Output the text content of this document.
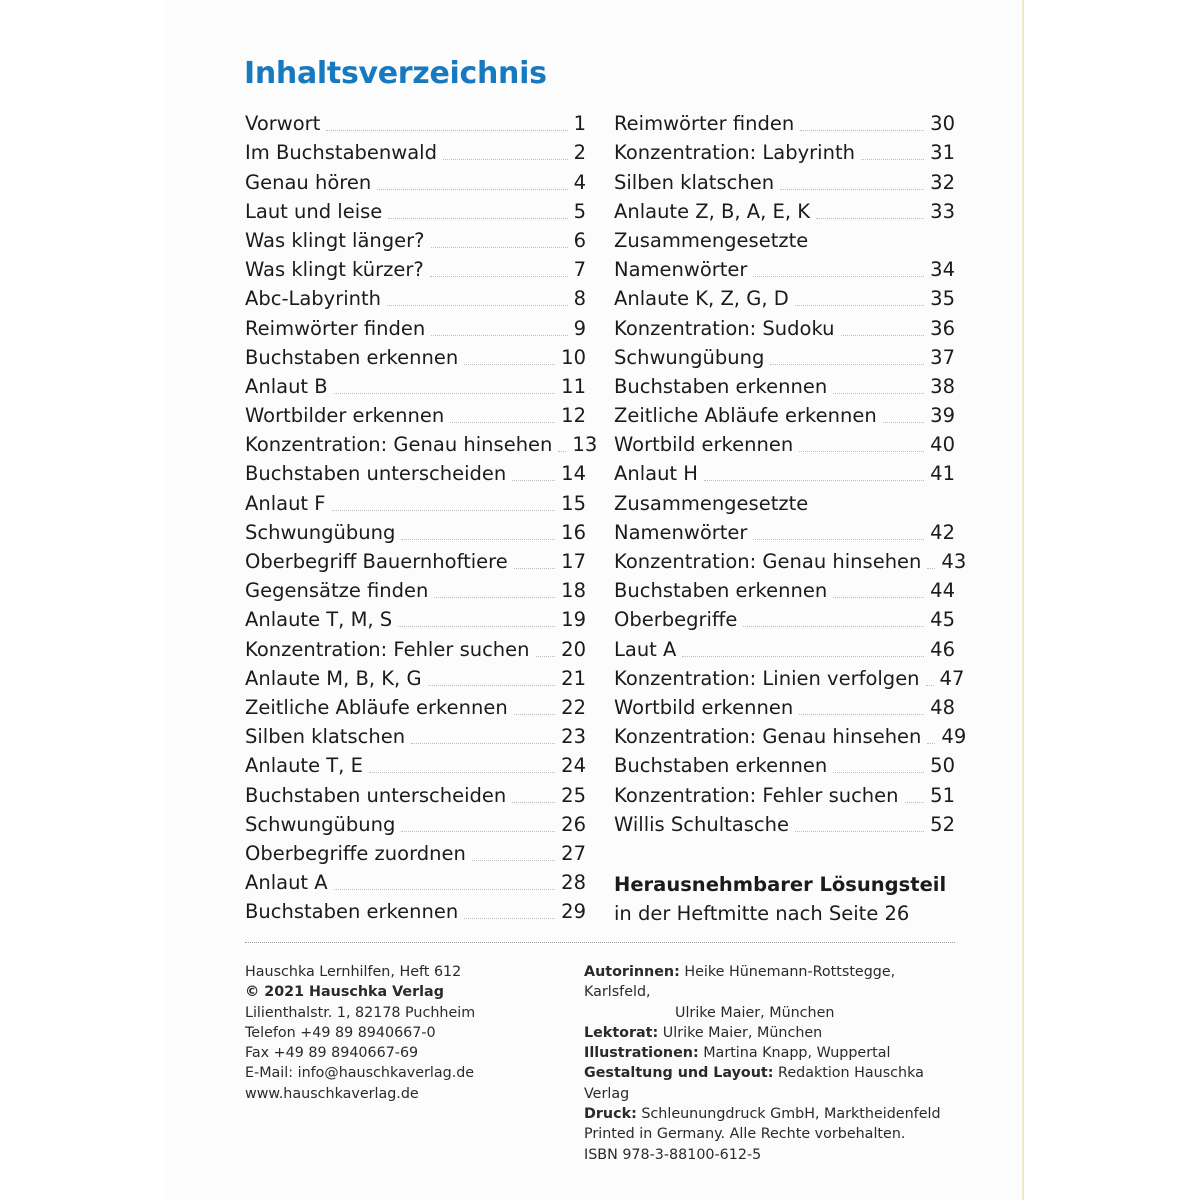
Inhaltsverzeichnis
Vorwort	1
Im Buchstabenwald	2
Genau hören	4
Laut und leise	5
Was klingt länger?	6
Was klingt kürzer?	7
Abc-Labyrinth	8
Reimwörter finden	9
Buchstaben erkennen	10
Anlaut B	11
Wortbilder erkennen	12
Konzentration: Genau hinsehen	13
Buchstaben unterscheiden	14
Anlaut F	15
Schwungübung	16
Oberbegriff Bauernhoftiere	17
Gegensätze finden	18
Anlaute T, M, S	19
Konzentration: Fehler suchen	20
Anlaute M, B, K, G	21
Zeitliche Abläufe erkennen	22
Silben klatschen	23
Anlaute T, E	24
Buchstaben unterscheiden	25
Schwungübung	26
Oberbegriffe zuordnen	27
Anlaut A	28
Buchstaben erkennen	29
Reimwörter finden	30
Konzentration: Labyrinth	31
Silben klatschen	32
Anlaute Z, B, A, E, K	33
Zusammengesetzte
Namenwörter	34
Anlaute K, Z, G, D	35
Konzentration: Sudoku	36
Schwungübung	37
Buchstaben erkennen	38
Zeitliche Abläufe erkennen	39
Wortbild erkennen	40
Anlaut H	41
Zusammengesetzte
Namenwörter	42
Konzentration: Genau hinsehen	43
Buchstaben erkennen	44
Oberbegriffe	45
Laut A	46
Konzentration: Linien verfolgen	47
Wortbild erkennen	48
Konzentration: Genau hinsehen	49
Buchstaben erkennen	50
Konzentration: Fehler suchen	51
Willis Schultasche	52
Herausnehmbarer Lösungsteil
in der Heftmitte nach Seite 26
Hauschka Lernhilfen, Heft 612
© 2021 Hauschka Verlag
Lilienthalstr. 1, 82178 Puchheim
Telefon +49 89 8940667-0
Fax +49 89 8940667-69
E-Mail: info@hauschkaverlag.de
www.hauschkaverlag.de
Autorinnen: Heike Hünemann-Rottstegge, Karlsfeld,
Ulrike Maier, München
Lektorat: Ulrike Maier, München
Illustrationen: Martina Knapp, Wuppertal
Gestaltung und Layout: Redaktion Hauschka Verlag
Druck: Schleunungdruck GmbH, Marktheidenfeld
Printed in Germany. Alle Rechte vorbehalten.
ISBN 978-3-88100-612-5
